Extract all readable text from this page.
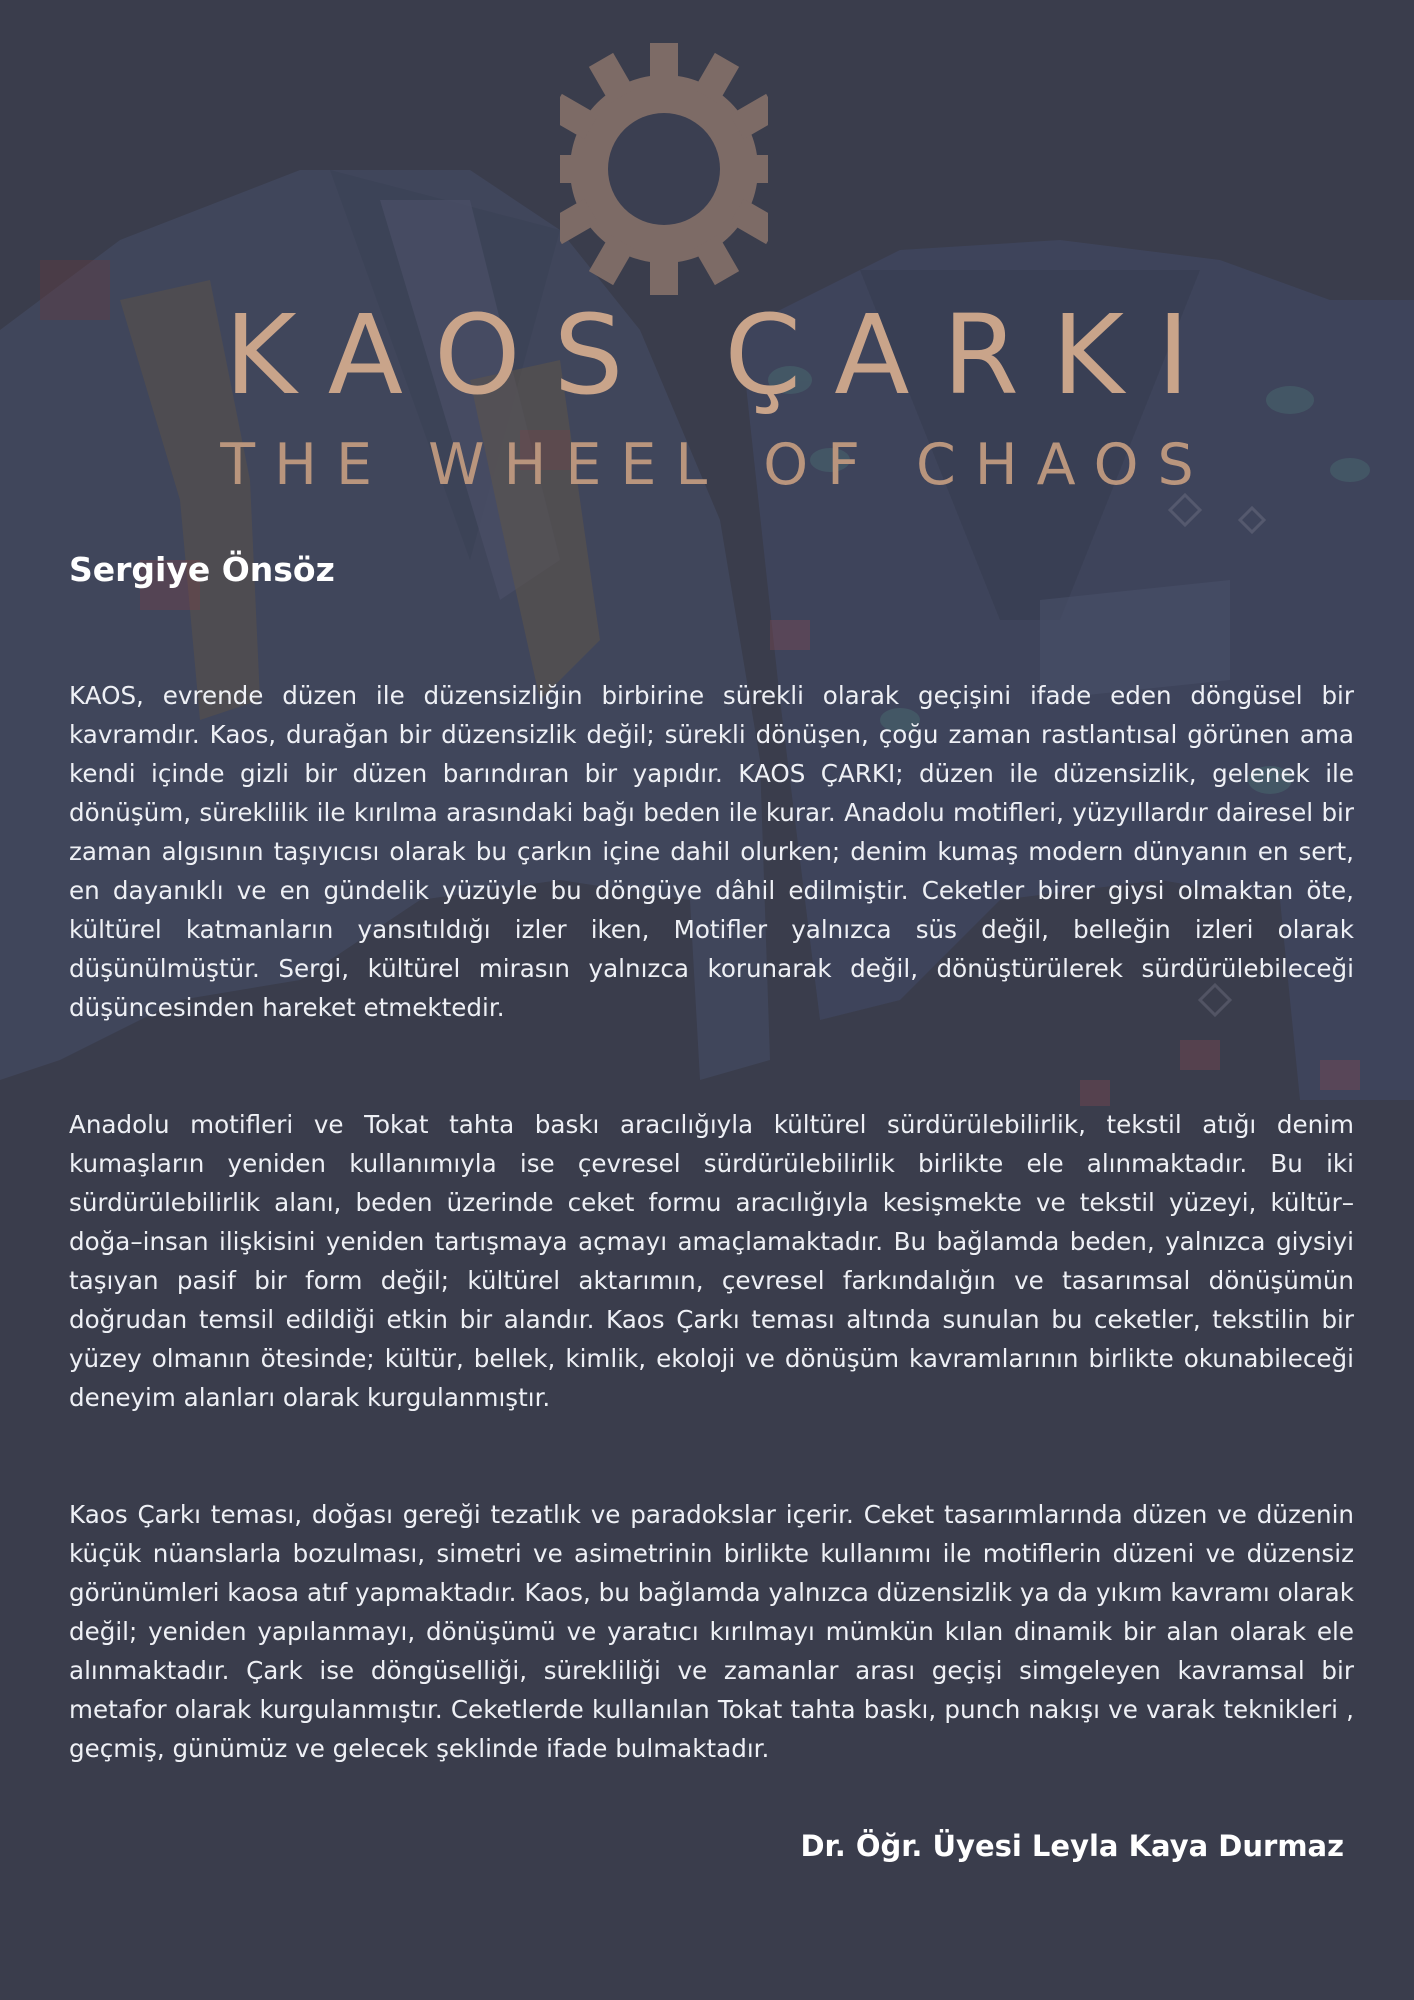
KAOS ÇARKI
THE WHEEL OF CHAOS
Sergiye Önsöz

KAOS, evrende düzen ile düzensizliğin birbirine sürekli olarak geçişini ifade eden döngüsel bir kavramdır. Kaos, durağan bir düzensizlik değil; sürekli dönüşen, çoğu zaman rastlantısal görünen ama kendi içinde gizli bir düzen barındıran bir yapıdır. KAOS ÇARKI; düzen ile düzensizlik, gelenek ile dönüşüm, süreklilik ile kırılma arasındaki bağı beden ile kurar. Anadolu motifleri, yüzyıllardır dairesel bir zaman algısının taşıyıcısı olarak bu çarkın içine dahil olurken; denim kumaş modern dünyanın en sert, en dayanıklı ve en gündelik yüzüyle bu döngüye dâhil edilmiştir. Ceketler birer giysi olmaktan öte, kültürel katmanların yansıtıldığı izler iken, Motifler yalnızca süs değil, belleğin izleri olarak düşünülmüştür. Sergi, kültürel mirasın yalnızca korunarak değil, dönüştürülerek sürdürülebileceği düşüncesinden hareket etmektedir.

Anadolu motifleri ve Tokat tahta baskı aracılığıyla kültürel sürdürülebilirlik, tekstil atığı denim kumaşların yeniden kullanımıyla ise çevresel sürdürülebilirlik birlikte ele alınmaktadır. Bu iki sürdürülebilirlik alanı, beden üzerinde ceket formu aracılığıyla kesişmekte ve tekstil yüzeyi, kültür–doğa–insan ilişkisini yeniden tartışmaya açmayı amaçlamaktadır. Bu bağlamda beden, yalnızca giysiyi taşıyan pasif bir form değil; kültürel aktarımın, çevresel farkındalığın ve tasarımsal dönüşümün doğrudan temsil edildiği etkin bir alandır. Kaos Çarkı teması altında sunulan bu ceketler, tekstilin bir yüzey olmanın ötesinde; kültür, bellek, kimlik, ekoloji ve dönüşüm kavramlarının birlikte okunabileceği deneyim alanları olarak kurgulanmıştır.

Kaos Çarkı teması, doğası gereği tezatlık ve paradokslar içerir. Ceket tasarımlarında düzen ve düzenin küçük nüanslarla bozulması, simetri ve asimetrinin birlikte kullanımı ile motiflerin düzeni ve düzensiz görünümleri kaosa atıf yapmaktadır. Kaos, bu bağlamda yalnızca düzensizlik ya da yıkım kavramı olarak değil; yeniden yapılanmayı, dönüşümü ve yaratıcı kırılmayı mümkün kılan dinamik bir alan olarak ele alınmaktadır. Çark ise döngüselliği, sürekliliği ve zamanlar arası geçişi simgeleyen kavramsal bir metafor olarak kurgulanmıştır. Ceketlerde kullanılan Tokat tahta baskı, punch nakışı ve varak teknikleri , geçmiş, günümüz ve gelecek şeklinde ifade bulmaktadır.

Dr. Öğr. Üyesi Leyla Kaya Durmaz
